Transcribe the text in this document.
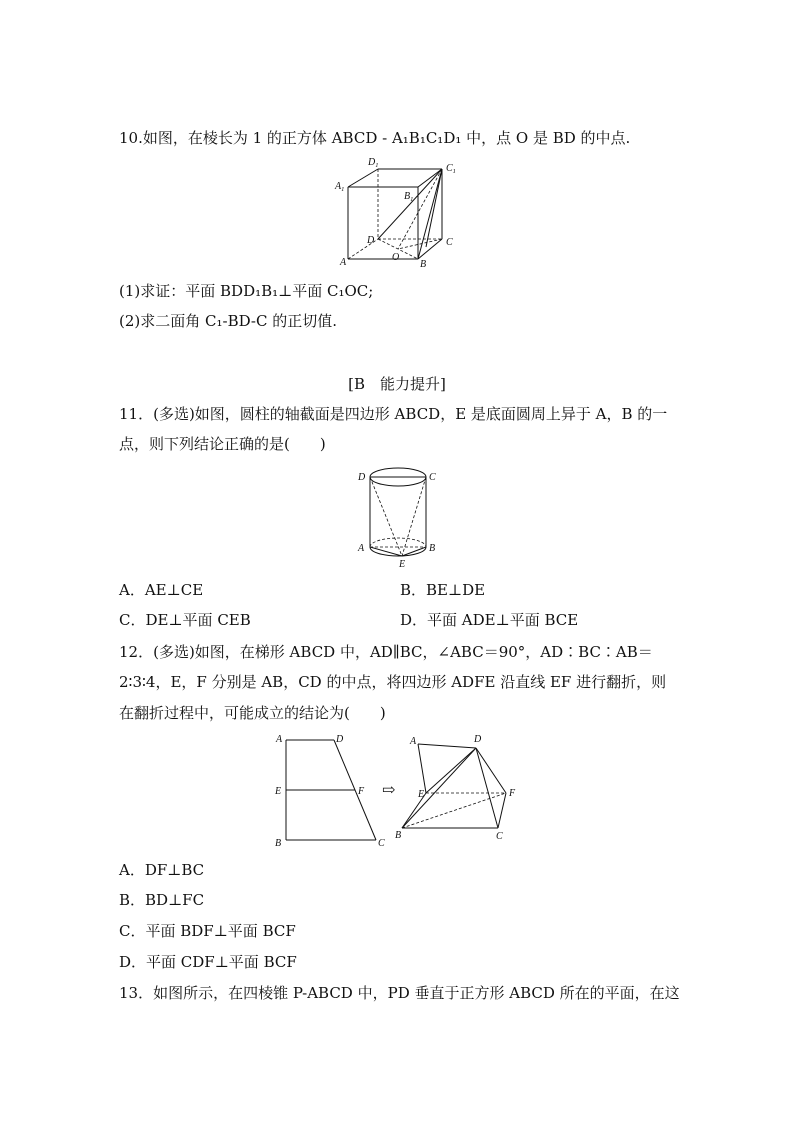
10.如图，在棱长为 1 的正方体 ABCD - A₁B₁C₁D₁ 中，点 O 是 BD 的中点.
$D_1$	$C_1$
$A_1$
$B_1$
D	C
A	O
B
(1)求证：平面 BDD₁B₁⊥平面 C₁OC;
(2)求二面角 C₁-BD-C 的正切值.
[B　能力提升]
11．(多选)如图，圆柱的轴截面是四边形 ABCD，E 是底面圆周上异于 A，B 的一
点，则下列结论正确的是(　　)
D	C
A	B
E
A．AE⊥CE	B．BE⊥DE
C．DE⊥平面 CEB	D．平面 ADE⊥平面 BCE
12．(多选)如图，在梯形 ABCD 中，AD∥BC，∠ABC＝90°，AD∶BC∶AB＝
2∶3∶4，E，F 分别是 AB，CD 的中点，将四边形 ADFE 沿直线 EF 进行翻折，则
在翻折过程中，可能成立的结论为(　　)
A	D
E	F
B	C
⇨
A	D
E	F
B	C
A．DF⊥BC
B．BD⊥FC
C．平面 BDF⊥平面 BCF
D．平面 CDF⊥平面 BCF
13．如图所示，在四棱锥 P-ABCD 中，PD 垂直于正方形 ABCD 所在的平面，在这
